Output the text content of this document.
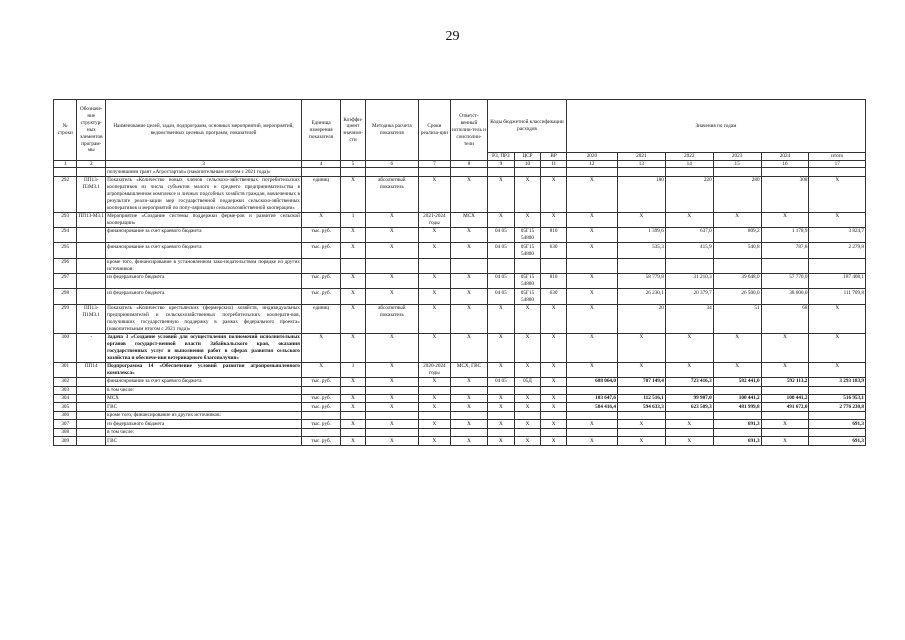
29
№ строки	Обозначе-ние структур-ных элементов програм-мы	Наименование целей, задач, подпрограмм, основных мероприятий, мероприятий, ведомственных целевых программ, показателей	Единица измерения показателя	Коэффи-циент значимо-сти	Методика расчета показателя	Сроки реализа-ции	Ответст-венный исполни-тель и соисполни-тели	Коды бюджетной классификации расходов			Значения по годам					
								РЗ, ПРЗ	ЦСР	ВР	2020	2021	2022	2023	2024	итого
1	2	3	4	5	6	7	8	9	10	11	12	13	14	15	16	17
		получившими грант «Агростартап» (накопительным итогом с 2021 года)»														
292	ПП13-П3М3.1	Показатель «Количество новых членов сельскохо-зяйственных потребительских кооперативов из числа субъектов малого и среднего предпринимательства в агропромышленном комплексе и личных подсобных хозяйств граждан, вовлеченных в результате реали-зации мер государственной поддержки сельскохо-зяйственных кооперативов и мероприятий по попу-ляризации сельскохозяйственной кооперации»	единиц	X	абсолютный показатель	X	X	X	X	X	X	180	220	280	308	X
293	ПП13-М3.1	Мероприятие «Создание системы поддержки ферме-ров и развитие сельской кооперации»	X	1	X	2021-2024 годы	МСХ	X	X	X	X	X	X	X	X	X
294		финансирование за счет краевого бюджета	тыс. руб.	X	X	X	X	04 05	05Г15 54800	810	X	1 399,6	637,0	809,2	1 178,9	3 824,7
295		финансирование за счет краевого бюджета	тыс. руб.	X	X	X	X	04 05	05Г15 54800	630	X	535,3	415,9	540,8	787,8	2 279,8
296		кроме того, финансирование в установленном зако-нодательством порядке из других источников:														
297		из федерального бюджета	тыс. руб.	X	X	X	X	04 05	05Г15 54800	810	X	58 779,8	31 210,3	39 648,0	57 770,0	187 408,1
298		из федерального бюджета	тыс. руб.	X	X	X	X	04 05	05Г15 54800	630	X	26 230,1	20 379,7	26 500,0	38 600,0	111 709,8
299	ПП13-П1М3.1	Показатель «Количество крестьянских (фермерских) хозяйств, индивидуальных предпринимателей и сельскохозяйственных потребительских кооперати-вов, получивших государственную поддержку в рамках федерального проекта» (накопительным итогом с 2021 года)»	единиц	X	абсолютный показатель	X	X	X	X	X	X	20	34	51	68	X
300	-	Задача 3 «Создание условий для осуществления полномочий исполнительных органов государст-венной власти Забайкальского края, оказания государственных услуг и выполнения работ в сферах развития сельского хозяйства и обеспече-ния ветеринарного благополучия»	X	X	X	X	X	X	X	X	X	X	X	X	X	X
301	ПП14	Подпрограмма 14 «Обеспечение условий развития агропромышленного комплекса»	X	1	X	2020-2024 годы	МСХ, ГВС	X	X	X	X	X	X	X	X	X
302		финансирование за счет краевого бюджета	тыс. руб.	X	X	X	X	04 05	05Д	X	688 064,0	707 149,4	723 416,3	582 441,0	592 113,2	3 293 183,9
303		в том числе:														
304		МСХ	тыс. руб.	X	X	X	X	X	X	X	103 647,6	112 516,1	99 907,0	100 441,2	100 441,2	516 953,1
305		ГВС	тыс. руб.	X	X	X	X	X	X	X	584 416,4	594 633,3	623 509,3	481 999,8	491 672,0	2 776 230,8
306		кроме того, финансирование из других источников:														
307		из федерального бюджета	тыс. руб.	X	X	X	X	X	X	X	X	X	X	691,3	X	691,3
308		в том числе:														
309		ГВС	тыс. руб.	X	X	X	X	X	X	X	X	X	X	691,3	X	691,3
